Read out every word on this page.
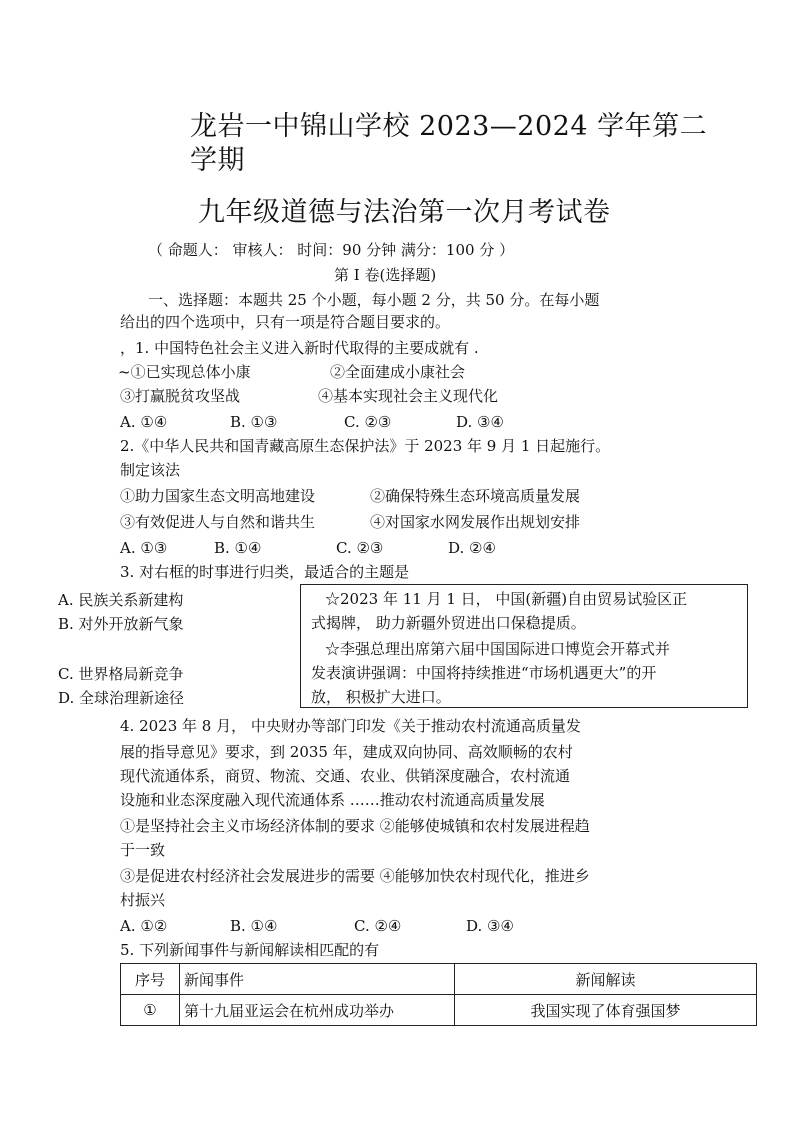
龙岩一中锦山学校 2023—2024 学年第二
学期
九年级道德与法治第一次月考试卷
（ 命题人： 审核人： 时间：90 分钟 满分：100 分 ）
第 I 卷(选择题)
一、选择题：本题共 25 个小题，每小题 2 分，共 50 分。在每小题
给出的四个选项中，只有一项是符合题目要求的。
，1. 中国特色社会主义进入新时代取得的主要成就有 .
~①已实现总体小康	②全面建成小康社会
③打赢脱贫攻坚战	④基本实现社会主义现代化
A. ①④	B. ①③	C. ②③	D. ③④
2.《中华人民共和国青藏高原生态保护法》于 2023 年 9 月 1 日起施行。
制定该法
①助力国家生态文明高地建设	②确保特殊生态环境高质量发展
③有效促进人与自然和谐共生	④对国家水网发展作出规划安排
A. ①③	B. ①④	C. ②③	D. ②④
3. 对右框的时事进行归类，最适合的主题是
A. 民族关系新建构
B. 对外开放新气象
C. 世界格局新竞争
D. 全球治理新途径
☆2023 年 11 月 1 日， 中国(新疆)自由贸易试验区正
式揭牌， 助力新疆外贸进出口保稳提质。
☆李强总理出席第六届中国国际进口博览会开幕式并
发表演讲强调：中国将持续推进“市场机遇更大”的开
放， 积极扩大进口。
4. 2023 年 8 月， 中央财办等部门印发《关于推动农村流通高质量发
展的指导意见》要求，到 2035 年，建成双向协同、高效顺畅的农村
现代流通体系，商贸、物流、交通、农业、供销深度融合，农村流通
设施和业态深度融入现代流通体系 ……推动农村流通高质量发展
①是坚持社会主义市场经济体制的要求 ②能够使城镇和农村发展进程趋
于一致
③是促进农村经济社会发展进步的需要 ④能够加快农村现代化，推进乡
村振兴
A. ①②	B. ①④	C. ②④	D. ③④
5. 下列新闻事件与新闻解读相匹配的有
序号	新闻事件	新闻解读
①	第十九届亚运会在杭州成功举办	我国实现了体育强国梦
